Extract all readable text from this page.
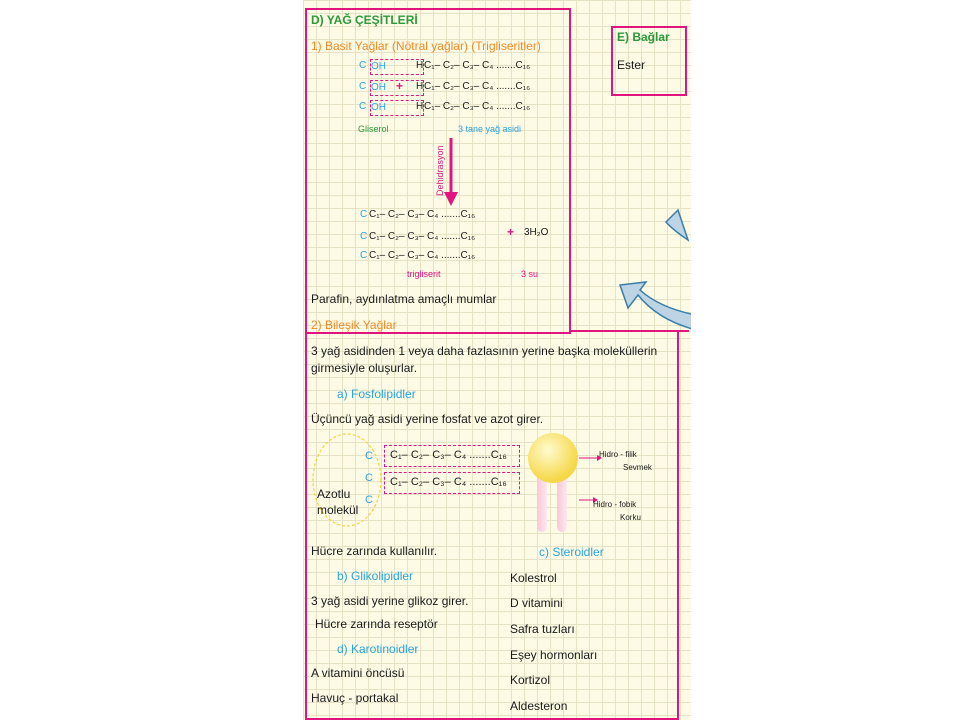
E) Bağlar
Ester
D) YAĞ ÇEŞİTLERİ
1) Basit Yağlar (Nötral yağlar) (Trigliseritler)
C OH	H C₁– C₂– C₃– C₄ .......C₁₆
C OH + H C₁– C₂– C₃– C₄ .......C₁₆
C OH	H C₁– C₂– C₃– C₄ .......C₁₆
Gliserol	3 tane yağ asidi
Dehidrasyon
C C₁– C₂– C₃– C₄ .......C₁₆
C C₁– C₂– C₃– C₄ .......C₁₆
C C₁– C₂– C₃– C₄ .......C₁₆
+ 3H₂O
trigliserit	3 su
Parafin, aydınlatma amaçlı mumlar
2) Bileşik Yağlar
3 yağ asidinden 1 veya daha fazlasının yerine başka moleküllerin
girmesiyle oluşurlar.
a) Fosfolipidler
Üçüncü yağ asidi yerine fosfat ve azot girer.
C
C
C
C₁– C₂– C₃– C₄ .......C₁₆
C₁– C₂– C₃– C₄ .......C₁₆
Azotlu
molekül
Hidro - filik
Sevmek
Hidro - fobik
Korku
Hücre zarında kullanılır.	c) Steroidler
b) Glikolipidler
3 yağ asidi yerine glikoz girer.
Hücre zarında reseptör
d) Karotinoidler
A vitamini öncüsü
Havuç - portakal
Kolestrol
D vitamini
Safra tuzları
Eşey hormonları
Kortizol
Aldesteron
